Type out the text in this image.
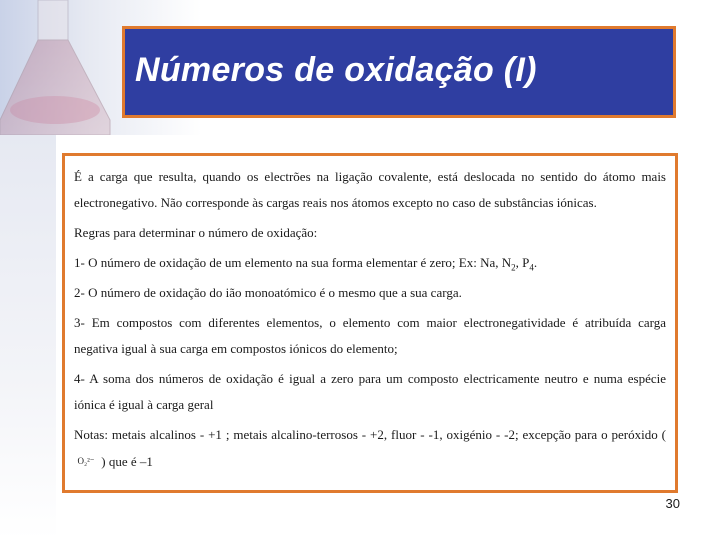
Números de oxidação (I)

É a carga que resulta, quando os electrões na ligação covalente, está deslocada no sentido do átomo mais electronegativo. Não corresponde às cargas reais nos átomos excepto no caso de substâncias iónicas.

Regras para determinar o número de oxidação:

1- O número de oxidação de um elemento na sua forma elementar é zero; Ex: Na, $N_2$, $P_4$.

2- O número de oxidação do ião monoatómico é o mesmo que a sua carga.

3- Em compostos com diferentes elementos, o elemento com maior electronegatividade é atribuída carga negativa igual à sua carga em compostos iónicos do elemento;

4- A soma dos números de oxidação é igual a zero para um composto electricamente neutro e numa espécie iónica é igual à carga geral

Notas: metais alcalinos - +1 ; metais alcalino-terrosos - +2, fluor - -1, oxigénio - -2; excepção para o peróxido ( O₂²⁻ ) que é –1

30
